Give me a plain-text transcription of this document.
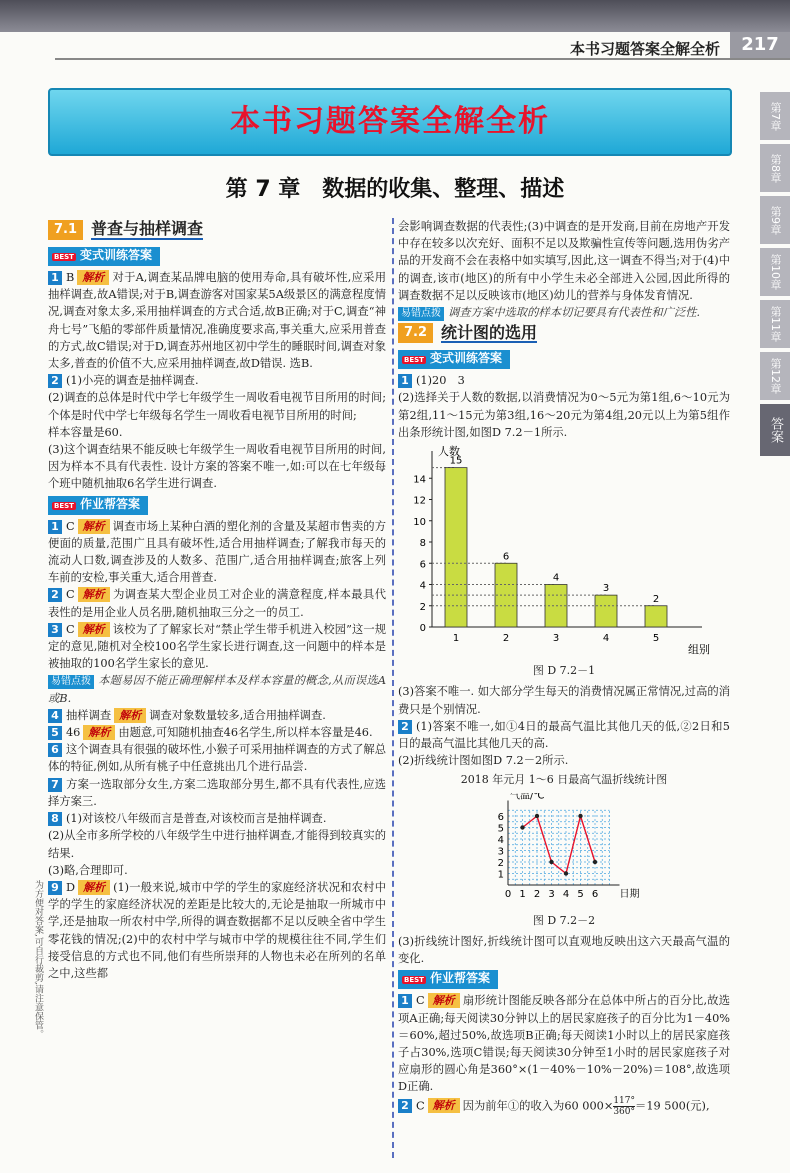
本书习题答案全解全析	217
本书习题答案全解全析
第 7 章　数据的收集、整理、描述
第7章
第8章
第9章
第10章
第11章
第12章
答案
7.1 普查与抽样调查
BEST 变式训练答案

1 B 解析 对于A,调查某品牌电脑的使用寿命,具有破坏性,应采用抽样调查,故A错误;对于B,调查游客对国家某5A级景区的满意程度情况,调查对象太多,采用抽样调查的方式合适,故B正确;对于C,调查“神舟七号”飞船的零部件质量情况,准确度要求高,事关重大,应采用普查的方式,故C错误;对于D,调查苏州地区初中学生的睡眠时间,调查对象太多,普查的价值不大,应采用抽样调查,故D错误. 选B.

2 (1)小亮的调查是抽样调查.

(2)调查的总体是时代中学七年级学生一周收看电视节目所用的时间;个体是时代中学七年级每名学生一周收看电视节目所用的时间;

样本容量是60.

(3)这个调查结果不能反映七年级学生一周收看电视节目所用的时间,因为样本不具有代表性. 设计方案的答案不唯一,如:可以在七年级每个班中随机抽取6名学生进行调查.

BEST 作业帮答案

1 C 解析 调查市场上某种白酒的塑化剂的含量及某超市售卖的方便面的质量,范围广且具有破坏性,适合用抽样调查;了解我市每天的流动人口数,调查涉及的人数多、范围广,适合用抽样调查;旅客上列车前的安检,事关重大,适合用普查.

2 C 解析 为调查某大型企业员工对企业的满意程度,样本最具代表性的是用企业人员名册,随机抽取三分之一的员工.

3 C 解析 该校为了了解家长对“禁止学生带手机进入校园”这一规定的意见,随机对全校100名学生家长进行调查,这一问题中的样本是被抽取的100名学生家长的意见.

易错点拨 本题易因不能正确理解样本及样本容量的概念,从而误选A或B.

4 抽样调查 解析 调查对象数量较多,适合用抽样调查.

5 46 解析 由题意,可知随机抽查46名学生,所以样本容量是46.

6 这个调查具有很强的破坏性,小猴子可采用抽样调查的方式了解总体的特征,例如,从所有桃子中任意挑出几个进行品尝.

7 方案一选取部分女生,方案二选取部分男生,都不具有代表性,应选择方案三.

8 (1)对该校八年级而言是普查,对该校而言是抽样调查.

(2)从全市多所学校的八年级学生中进行抽样调查,才能得到较真实的结果.

(3)略,合理即可.

9 D 解析 (1)一般来说,城市中学的学生的家庭经济状况和农村中学的学生的家庭经济状况的差距是比较大的,无论是抽取一所城市中学,还是抽取一所农村中学,所得的调查数据都不足以反映全省中学生零花钱的情况;(2)中的农村中学与城市中学的规模往往不同,学生们接受信息的方式也不同,他们有些所崇拜的人物也未必在所列的名单之中,这些都

会影响调查数据的代表性;(3)中调查的是开发商,目前在房地产开发中存在较多以次充好、面积不足以及欺骗性宣传等问题,选用伪劣产品的开发商不会在表格中如实填写,因此,这一调查不得当;对于(4)中的调查,该市(地区)的所有中小学生未必全部进入公园,因此所得的调查数据不足以反映该市(地区)幼儿的营养与身体发育情况.

易错点拨 调查方案中选取的样本切记要具有代表性和广泛性.

7.2 统计图的选用
BEST 变式训练答案

1 (1)20　3

(2)选择关于人数的数据,以消费情况为0～5元为第1组,6～10元为第2组,11～15元为第3组,16～20元为第4组,20元以上为第5组作出条形统计图,如图D 7.2－1所示.

人数
组别
0
2
4
6
8
10
12
14
15
1
6
2
4
3
3
4
2
5
图 D 7.2－1

(3)答案不唯一. 如大部分学生每天的消费情况属正常情况,过高的消费只是个别情况.

2 (1)答案不唯一,如①4日的最高气温比其他几天的低,②2日和5日的最高气温比其他几天的高.

(2)折线统计图如图D 7.2－2所示.

2018 年元月 1～6 日最高气温折线统计图
气温/℃
日期
1
2
3
4
5
6
0 1 2 3 4 5 6
图 D 7.2－2

(3)折线统计图好,折线统计图可以直观地反映出这六天最高气温的变化.

BEST 作业帮答案

1 C 解析 扇形统计图能反映各部分在总体中所占的百分比,故选项A正确;每天阅读30分钟以上的居民家庭孩子的百分比为1－40%＝60%,超过50%,故选项B正确;每天阅读1小时以上的居民家庭孩子占30%,选项C错误;每天阅读30分钟至1小时的居民家庭孩子对应扇形的圆心角是360°×(1－40%－10%－20%)＝108°,故选项D正确.

2 C 解析 因为前年①的收入为60 $000\times \frac{117^\circ}{360^\circ} =19$ 500(元),

为方便对答案,可自行裁剪,请注意保管。
